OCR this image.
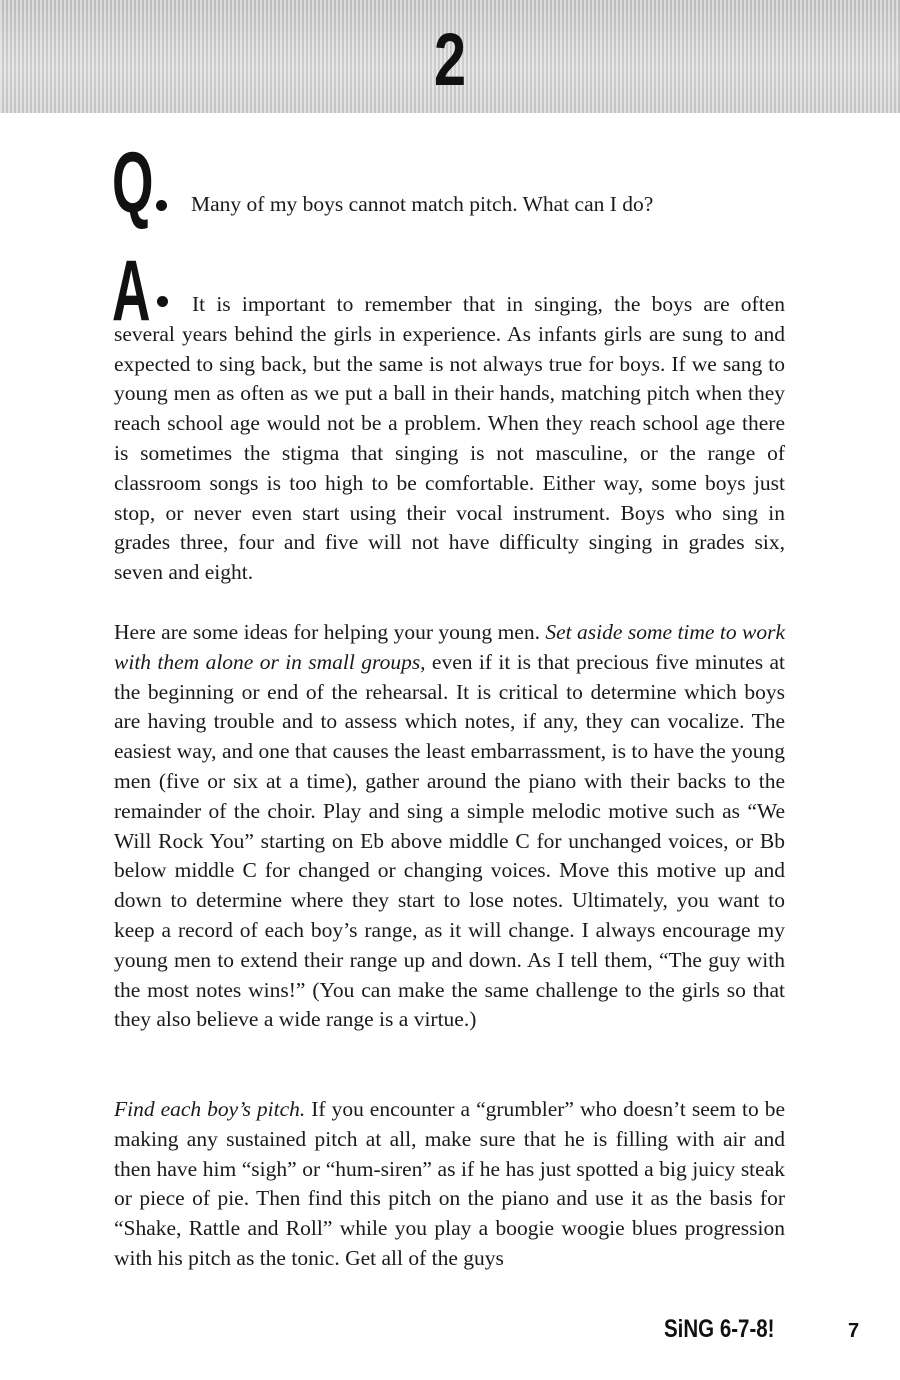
2
Q Many of my boys cannot match pitch. What can I do?
A	It is important to remember that in singing, the boys are often several years behind the girls in experience. As infants girls are sung to and expected to sing back, but the same is not always true for boys. If we sang to young men as often as we put a ball in their hands, matching pitch when they reach school age would not be a problem. When they reach school age there is sometimes the stigma that singing is not masculine, or the range of classroom songs is too high to be comfortable. Either way, some boys just stop, or never even start using their vocal instrument. Boys who sing in grades three, four and five will not have difficulty singing in grades six, seven and eight.
Here are some ideas for helping your young men. Set aside some time to work with them alone or in small groups, even if it is that precious five minutes at the beginning or end of the rehearsal. It is critical to determine which boys are having trouble and to assess which notes, if any, they can vocalize. The easiest way, and one that causes the least embarrassment, is to have the young men (five or six at a time), gather around the piano with their backs to the remainder of the choir. Play and sing a simple melodic motive such as “We Will Rock You” starting on Eb above middle C for unchanged voices, or Bb below middle C for changed or changing voices. Move this motive up and down to determine where they start to lose notes. Ultimately, you want to keep a record of each boy’s range, as it will change. I always encourage my young men to extend their range up and down. As I tell them, “The guy with the most notes wins!” (You can make the same challenge to the girls so that they also believe a wide range is a virtue.)
Find each boy’s pitch. If you encounter a “grumbler” who doesn’t seem to be making any sustained pitch at all, make sure that he is filling with air and then have him “sigh” or “hum-siren” as if he has just spotted a big juicy steak or piece of pie. Then find this pitch on the piano and use it as the basis for “Shake, Rattle and Roll” while you play a boogie woogie blues progression with his pitch as the tonic. Get all of the guys
SiNG 6-7-8!	7
